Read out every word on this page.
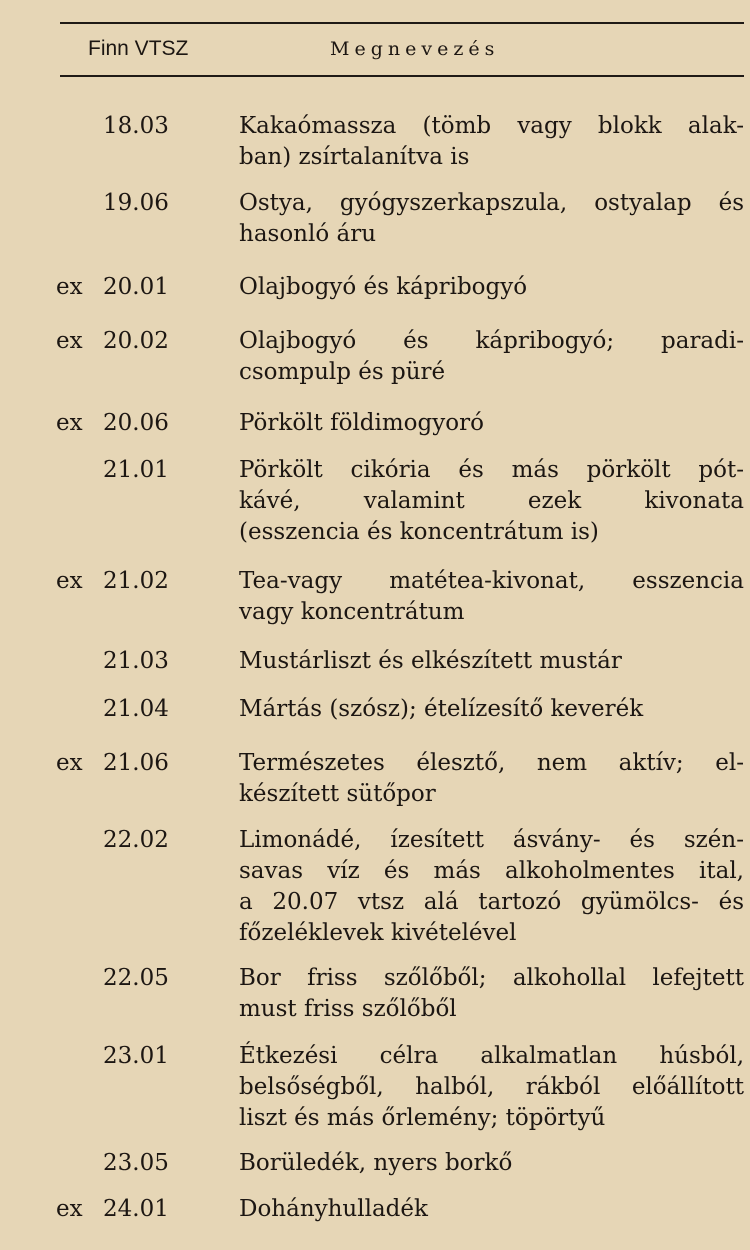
Finn VTSZ	Megnevezés
18.03	Kakaómassza (tömb vagy blokk alak-
ban) zsírtalanítva is
19.06	Ostya, gyógyszerkapszula, ostyalap és
hasonló áru
ex 20.01	Olajbogyó és kápribogyó
ex 20.02	Olajbogyó és kápribogyó; paradi-
csompulp és püré
ex 20.06	Pörkölt földimogyoró
21.01	Pörkölt cikória és más pörkölt pót-
kávé, valamint ezek kivonata
(esszencia és koncentrátum is)
ex 21.02	Tea-vagy matétea-kivonat, esszencia
vagy koncentrátum
21.03	Mustárliszt és elkészített mustár
21.04	Mártás (szósz); ételízesítő keverék
ex 21.06	Természetes élesztő, nem aktív; el-
készített sütőpor
22.02	Limonádé, ízesített ásvány- és szén-
savas víz és más alkoholmentes ital,
a 20.07 vtsz alá tartozó gyümölcs- és
főzeléklevek kivételével
22.05	Bor friss szőlőből; alkohollal lefejtett
must friss szőlőből
23.01	Étkezési célra alkalmatlan húsból,
belsőségből, halból, rákból előállított
liszt és más őrlemény; töpörtyű
23.05	Borüledék, nyers borkő
ex 24.01	Dohányhulladék
